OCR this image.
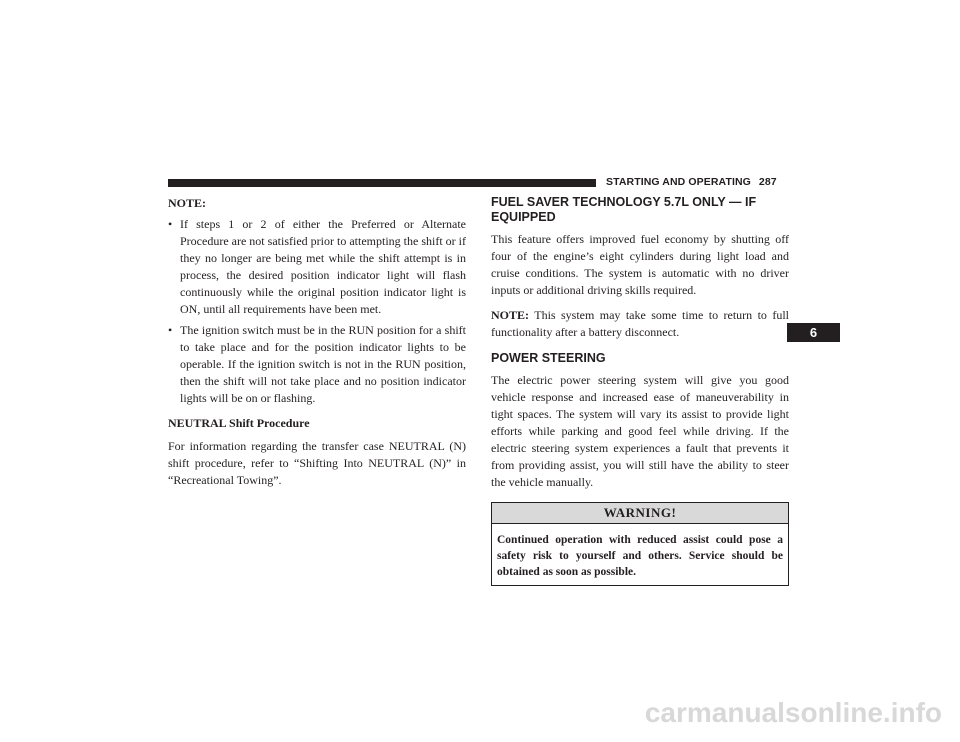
STARTING AND OPERATING 287
6

NOTE:

• If steps 1 or 2 of either the Preferred or Alternate Procedure are not satisfied prior to attempting the shift or if they no longer are being met while the shift attempt is in process, the desired position indicator light will flash continuously while the original position indicator light is ON, until all requirements have been met.
• The ignition switch must be in the RUN position for a shift to take place and for the position indicator lights to be operable. If the ignition switch is not in the RUN position, then the shift will not take place and no position indicator lights will be on or flashing.

NEUTRAL Shift Procedure

For information regarding the transfer case NEUTRAL (N) shift procedure, refer to “Shifting Into NEUTRAL (N)” in “Recreational Towing”.

FUEL SAVER TECHNOLOGY 5.7L ONLY — IF EQUIPPED

This feature offers improved fuel economy by shutting off four of the engine’s eight cylinders during light load and cruise conditions. The system is automatic with no driver inputs or additional driving skills required.

NOTE: This system may take some time to return to full functionality after a battery disconnect.

POWER STEERING

The electric power steering system will give you good vehicle response and increased ease of maneuverability in tight spaces. The system will vary its assist to provide light efforts while parking and good feel while driving. If the electric steering system experiences a fault that prevents it from providing assist, you will still have the ability to steer the vehicle manually.

WARNING!
Continued operation with reduced assist could pose a safety risk to yourself and others. Service should be obtained as soon as possible.
carmanualsonline.info
